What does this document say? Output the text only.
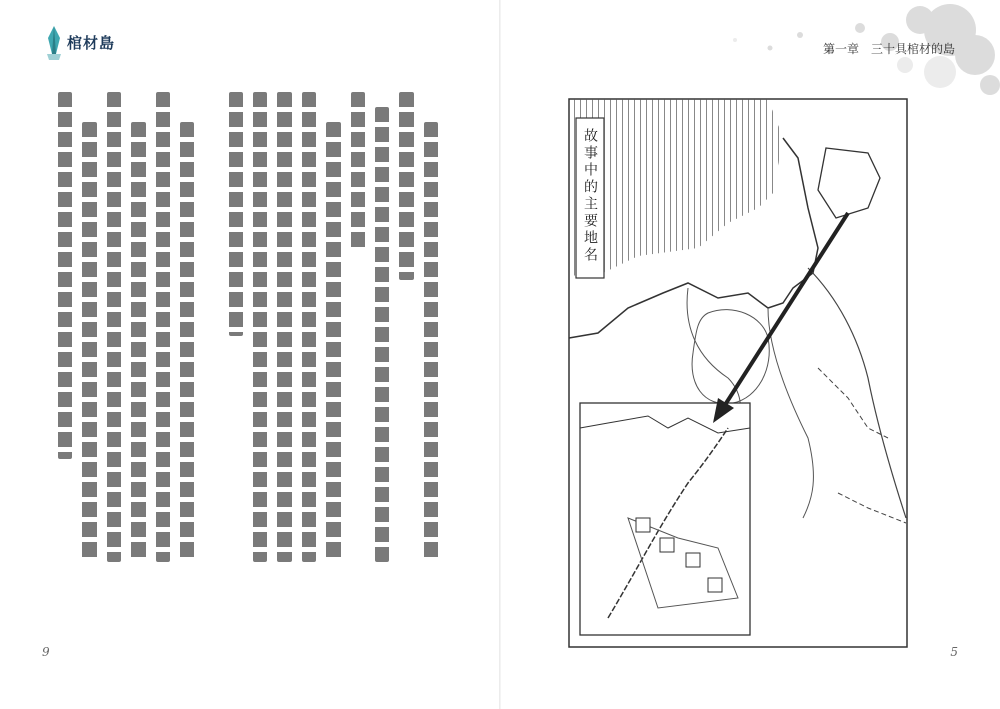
棺材島
9
第一章 三十具棺材的島
故事中的主要地名
5
